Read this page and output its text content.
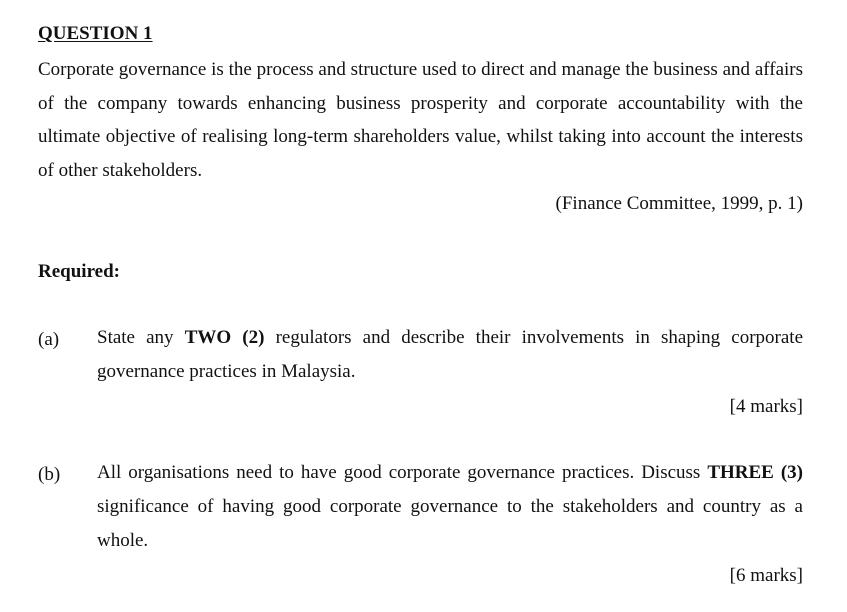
QUESTION 1
Corporate governance is the process and structure used to direct and manage the business and affairs of the company towards enhancing business prosperity and corporate accountability with the ultimate objective of realising long-term shareholders value, whilst taking into account the interests of other stakeholders.
(Finance Committee, 1999, p. 1)
Required:
(a) State any TWO (2) regulators and describe their involvements in shaping corporate governance practices in Malaysia.
[4 marks]
(b) All organisations need to have good corporate governance practices. Discuss THREE (3) significance of having good corporate governance to the stakeholders and country as a whole.
[6 marks]
